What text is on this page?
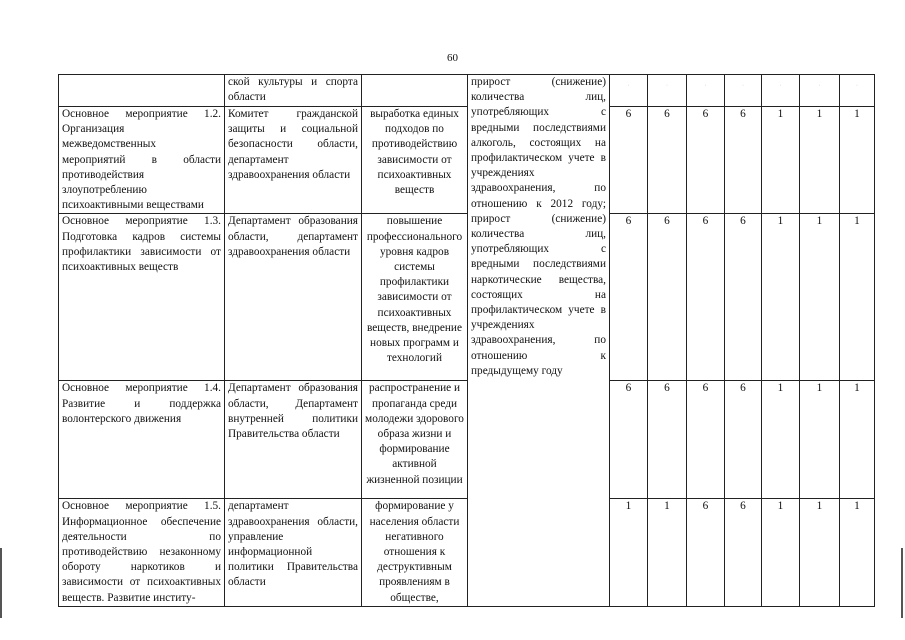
60
	ской культуры и спорта области		прирост (снижение) количества лиц, употребляющих с вредными последствиями алкоголь, состоящих на профилактическом учете в учреждениях здравоохранения, по отношению к 2012 году; прирост (снижение) количества лиц, употребляющих с вредными последствиями наркотические вещества, состоящих на профилактическом учете в учреждениях здравоохранения, по отношению к предыдущему году	·	·	·	·	·	·	·

Основное мероприятие 1.2. Организация межведомственных мероприятий в области противодействия злоупотреблению психоактивными веществами	Комитет гражданской защиты и социальной безопасности области, департамент здравоохранения области	выработка единых подходов по противодействию зависимости от психоактивных веществ		6	6	6	6	1	1	1
Основное мероприятие 1.3. Подготовка кадров системы профилактики зависимости от психоактивных веществ	Департамент образования области, департамент здравоохранения области	повышение профессионального уровня кадров системы профилактики зависимости от психоактивных веществ, внедрение новых программ и технологий		6	6	6	6	1	1	1
Основное мероприятие 1.4. Развитие и поддержка волонтерского движения	Департамент образования области, Департамент внутренней политики Правительства области	распространение и пропаганда среди молодежи здорового образа жизни и формирование активной жизненной позиции		6	6	6	6	1	1	1
Основное мероприятие 1.5. Информационное обеспечение деятельности по противодействию незаконному обороту наркотиков и зависимости от психоактивных веществ. Развитие институ-	департамент здравоохранения области, управление информационной политики Правительства области	формирование у населения области негативного отношения к деструктивным проявлениям в обществе,		1	1	6	6	1	1	1
